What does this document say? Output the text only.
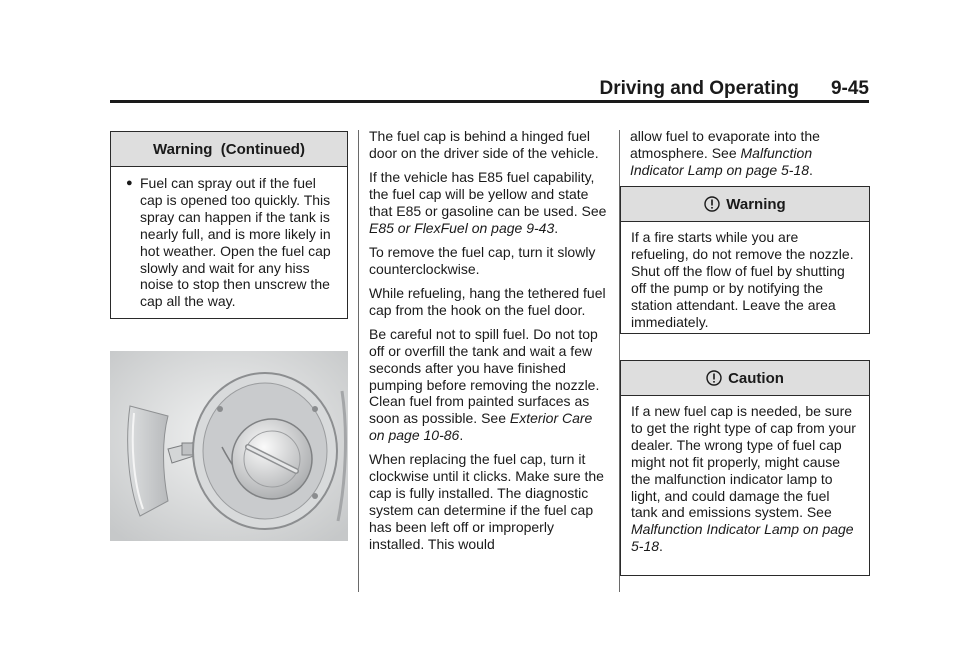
Driving and Operating 9-45
Warning  (Continued)
● Fuel can spray out if the fuel cap is opened too quickly. This spray can happen if the tank is nearly full, and is more likely in hot weather. Open the fuel cap slowly and wait for any hiss noise to stop then unscrew the cap all the way.

The fuel cap is behind a hinged fuel door on the driver side of the vehicle.

If the vehicle has E85 fuel capability, the fuel cap will be yellow and state that E85 or gasoline can be used. See E85 or FlexFuel on page 9-43.

To remove the fuel cap, turn it slowly counterclockwise.

While refueling, hang the tethered fuel cap from the hook on the fuel door.

Be careful not to spill fuel. Do not top off or overfill the tank and wait a few seconds after you have finished pumping before removing the nozzle. Clean fuel from painted surfaces as soon as possible. See Exterior Care on page 10-86.

When replacing the fuel cap, turn it clockwise until it clicks. Make sure the cap is fully installed. The diagnostic system can determine if the fuel cap has been left off or improperly installed. This would

allow fuel to evaporate into the atmosphere. See Malfunction Indicator Lamp on page 5-18.

Warning

If a fire starts while you are refueling, do not remove the nozzle. Shut off the flow of fuel by shutting off the pump or by notifying the station attendant. Leave the area immediately.

Caution

If a new fuel cap is needed, be sure to get the right type of cap from your dealer. The wrong type of fuel cap might not fit properly, might cause the malfunction indicator lamp to light, and could damage the fuel tank and emissions system. See Malfunction Indicator Lamp on page 5-18.
